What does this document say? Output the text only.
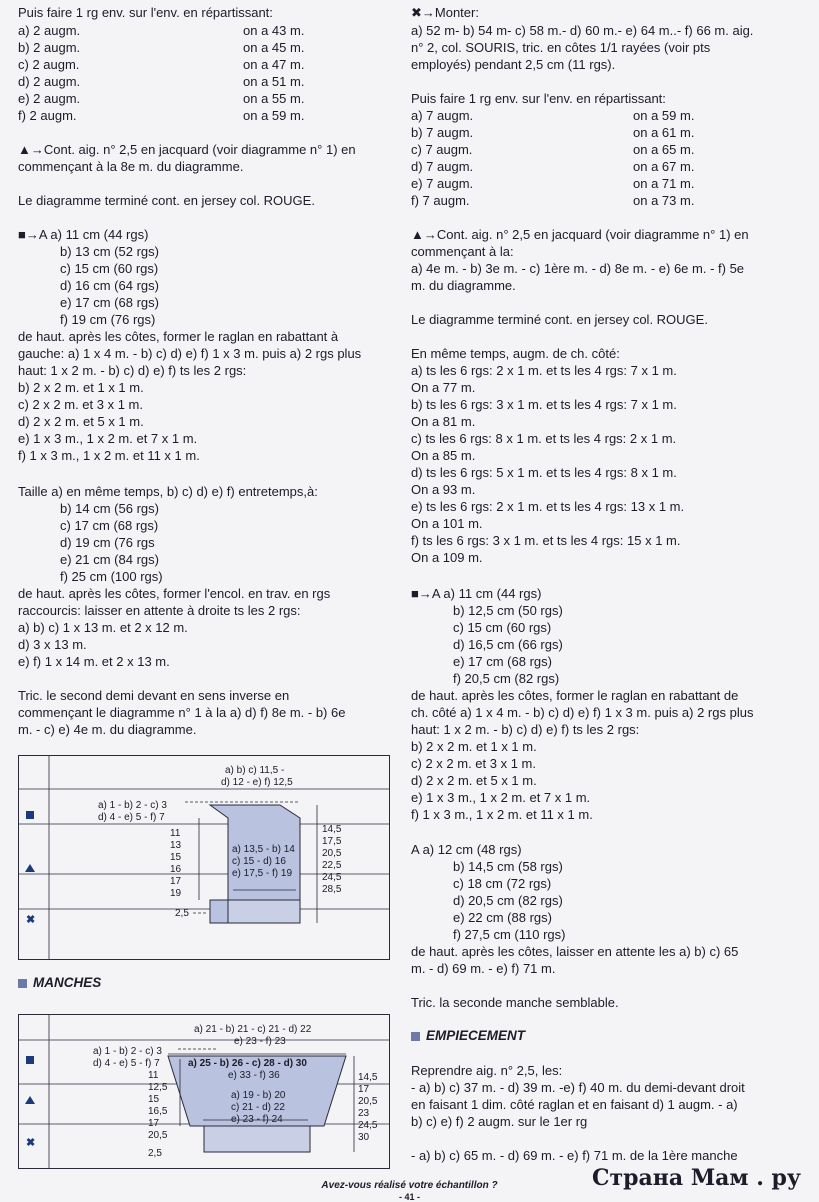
Puis faire 1 rg env. sur l'env. en répartissant:
a) 2 augm.	on a 43 m.
b) 2 augm.	on a 45 m.
c) 2 augm.	on a 47 m.
d) 2 augm.	on a 51 m.
e) 2 augm.	on a 55 m.
f) 2 augm.	on a 59 m.
▲→Cont. aig. n° 2,5 en jacquard (voir diagramme n° 1) en
commençant à la 8e m. du diagramme.
Le diagramme terminé cont. en jersey col. ROUGE.
■→A a) 11 cm (44 rgs)
b) 13 cm (52 rgs)
c) 15 cm (60 rgs)
d) 16 cm (64 rgs)
e) 17 cm (68 rgs)
f) 19 cm (76 rgs)
de haut. après les côtes, former le raglan en rabattant à
gauche: a) 1 x 4 m. - b) c) d) e) f) 1 x 3 m. puis a) 2 rgs plus
haut: 1 x 2 m. - b) c) d) e) f) ts les 2 rgs:
b) 2 x 2 m. et 1 x 1 m.
c) 2 x 2 m. et 3 x 1 m.
d) 2 x 2 m. et 5 x 1 m.
e) 1 x 3 m., 1 x 2 m. et 7 x 1 m.
f) 1 x 3 m., 1 x 2 m. et 11 x 1 m.
Taille a) en même temps, b) c) d) e) f) entretemps,à:
b) 14 cm (56 rgs)
c) 17 cm (68 rgs)
d) 19 cm (76 rgs
e) 21 cm (84 rgs)
f) 25 cm (100 rgs)
de haut. après les côtes, former l'encol. en trav. en rgs
raccourcis: laisser en attente à droite ts les 2 rgs:
a) b) c) 1 x 13 m. et 2 x 12 m.
d) 3 x 13 m.
e) f) 1 x 14 m. et 2 x 13 m.
Tric. le second demi devant en sens inverse en
commençant le diagramme n° 1 à la a) d) f) 8e m. - b) 6e
m. - c) e) 4e m. du diagramme.
✖
a) b) c) 11,5 -
d) 12 - e) f) 12,5
a) 1 - b) 2 - c) 3
d) 4 - e) 5 - f) 7
11
13
15
16
17
19
2,5
a) 13,5 - b) 14
c) 15 - d) 16
e) 17,5 - f) 19
14,5
17,5
20,5
22,5
24,5
28,5
MANCHES
✖
a) 21 - b) 21 - c) 21 - d) 22
e) 23 - f) 23
a) 1 - b) 2 - c) 3
d) 4 - e) 5 - f) 7
11
12,5
15
16,5
17
20,5
2,5
a) 25 - b) 26 - c) 28 - d) 30
e) 33 - f) 36
a) 19 - b) 20
c) 21 - d) 22
e) 23 - f) 24
14,5
17
20,5
23
24,5
30
✖→Monter:
a) 52 m- b) 54 m- c) 58 m.- d) 60 m.- e) 64 m..- f) 66 m. aig.
n° 2, col. SOURIS, tric. en côtes 1/1 rayées (voir pts
employés) pendant 2,5 cm (11 rgs).
Puis faire 1 rg env. sur l'env. en répartissant:
a) 7 augm.	on a 59 m.
b) 7 augm.	on a 61 m.
c) 7 augm.	on a 65 m.
d) 7 augm.	on a 67 m.
e) 7 augm.	on a 71 m.
f) 7 augm.	on a 73 m.
▲→Cont. aig. n° 2,5 en jacquard (voir diagramme n° 1) en
commençant à la:
a) 4e m. - b) 3e m. - c) 1ère m. - d) 8e m. - e) 6e m. - f) 5e
m. du diagramme.
Le diagramme terminé cont. en jersey col. ROUGE.
En même temps, augm. de ch. côté:
a) ts les 6 rgs: 2 x 1 m. et ts les 4 rgs: 7 x 1 m.
On a 77 m.
b) ts les 6 rgs: 3 x 1 m. et ts les 4 rgs: 7 x 1 m.
On a 81 m.
c) ts les 6 rgs: 8 x 1 m. et ts les 4 rgs: 2 x 1 m.
On a 85 m.
d) ts les 6 rgs: 5 x 1 m. et ts les 4 rgs: 8 x 1 m.
On a 93 m.
e) ts les 6 rgs: 2 x 1 m. et ts les 4 rgs: 13 x 1 m.
On a 101 m.
f) ts les 6 rgs: 3 x 1 m. et ts les 4 rgs: 15 x 1 m.
On a 109 m.
■→A a) 11 cm (44 rgs)
b) 12,5 cm (50 rgs)
c) 15 cm (60 rgs)
d) 16,5 cm (66 rgs)
e) 17 cm (68 rgs)
f) 20,5 cm (82 rgs)
de haut. après les côtes, former le raglan en rabattant de
ch. côté a) 1 x 4 m. - b) c) d) e) f) 1 x 3 m. puis a) 2 rgs plus
haut: 1 x 2 m. - b) c) d) e) f) ts les 2 rgs:
b) 2 x 2 m. et 1 x 1 m.
c) 2 x 2 m. et 3 x 1 m.
d) 2 x 2 m. et 5 x 1 m.
e) 1 x 3 m., 1 x 2 m. et 7 x 1 m.
f) 1 x 3 m., 1 x 2 m. et 11 x 1 m.
A a) 12 cm (48 rgs)
b) 14,5 cm (58 rgs)
c) 18 cm (72 rgs)
d) 20,5 cm (82 rgs)
e) 22 cm (88 rgs)
f) 27,5 cm (110 rgs)
de haut. après les côtes, laisser en attente les a) b) c) 65
m. - d) 69 m. - e) f) 71 m.
Tric. la seconde manche semblable.
EMPIECEMENT
Reprendre aig. n° 2,5, les:
- a) b) c) 37 m. - d) 39 m. -e) f) 40 m. du demi-devant droit
en faisant 1 dim. côté raglan et en faisant d) 1 augm. - a)
b) c) e) f) 2 augm. sur le 1er rg
- a) b) c) 65 m. - d) 69 m. - e) f) 71 m. de la 1ère manche
Страна Мам . ру
Avez-vous réalisé votre échantillon ?
- 41 -
